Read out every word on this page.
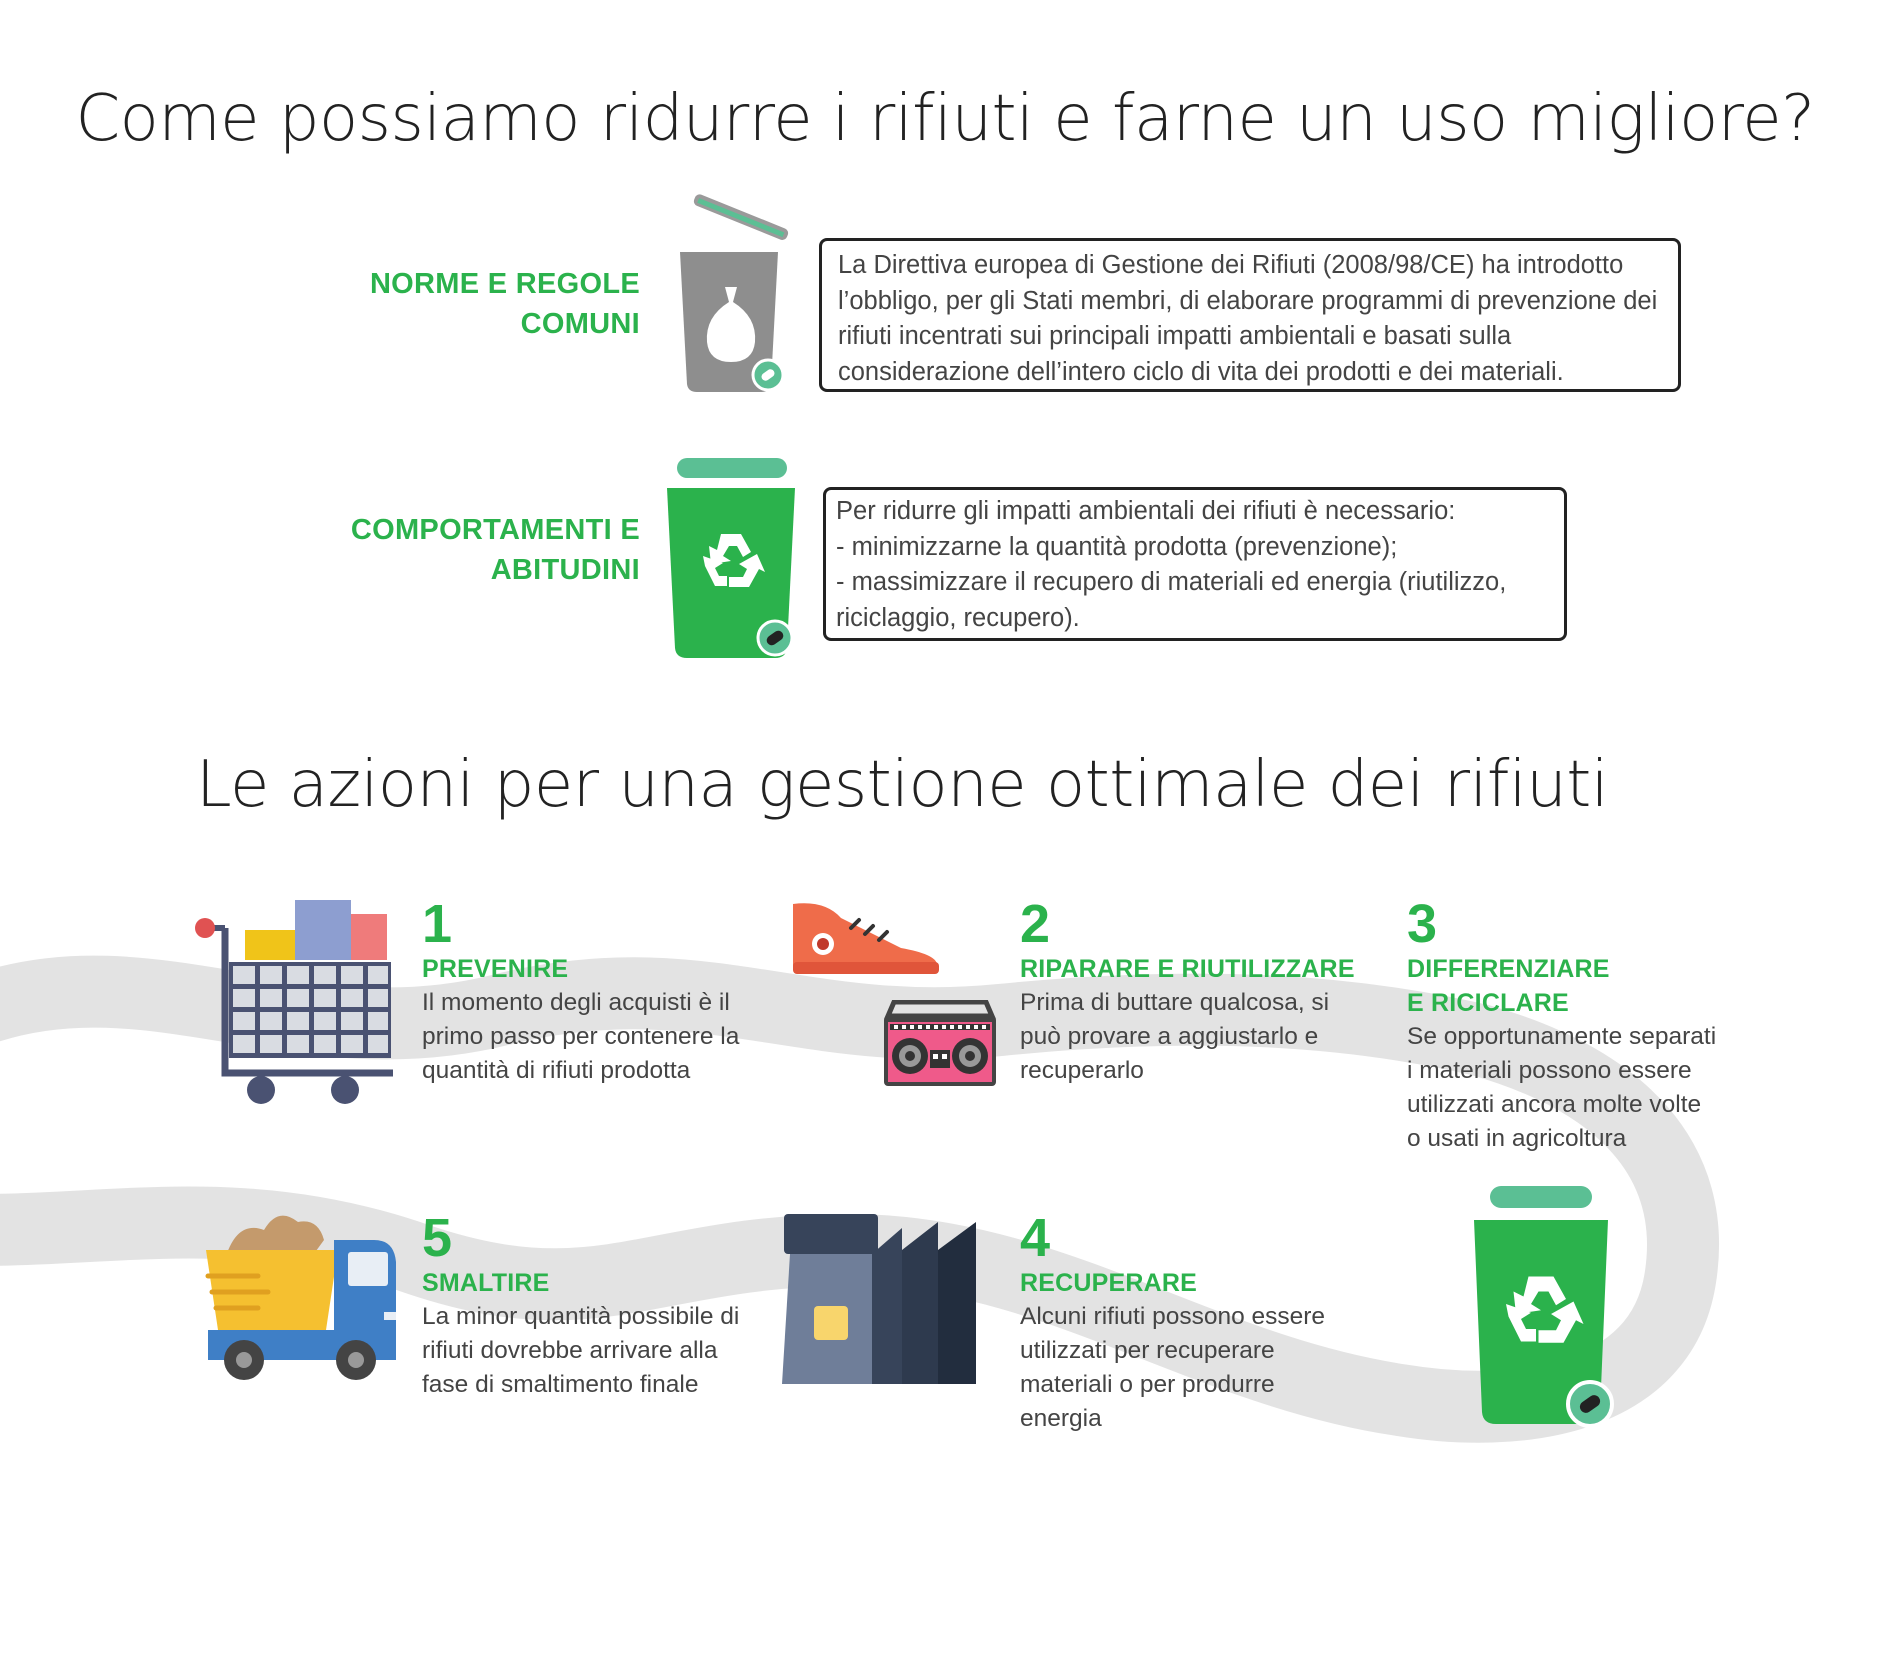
Come possiamo ridurre i rifiuti e farne un uso migliore?
NORME E REGOLE
COMUNI

La Direttiva europea di Gestione dei Rifiuti (2008/98/CE) ha introdotto l’obbligo, per gli Stati membri, di elaborare programmi di prevenzione dei rifiuti incentrati sui principali impatti ambientali e basati sulla considerazione dell’intero ciclo di vita dei prodotti e dei materiali.

COMPORTAMENTI E
ABITUDINI

Per ridurre gli impatti ambientali dei rifiuti è necessario:

- minimizzarne la quantità prodotta (prevenzione);

- massimizzare il recupero di materiali ed energia (riutilizzo, riciclaggio, recupero).

Le azioni per una gestione ottimale dei rifiuti
1
PREVENIRE
Il momento degli acquisti è il primo passo per contenere la quantità di rifiuti prodotta
2
RIPARARE E RIUTILIZZARE
Prima di buttare qualcosa, si può provare a aggiustarlo e recuperarlo
3
DIFFERENZIARE
E RICICLARE
Se opportunamente separati i materiali possono essere utilizzati ancora molte volte o usati in agricoltura
5
SMALTIRE
La minor quantità possibile di rifiuti dovrebbe arrivare alla fase di smaltimento finale
4
RECUPERARE
Alcuni rifiuti possono essere utilizzati per recuperare materiali o per produrre energia
